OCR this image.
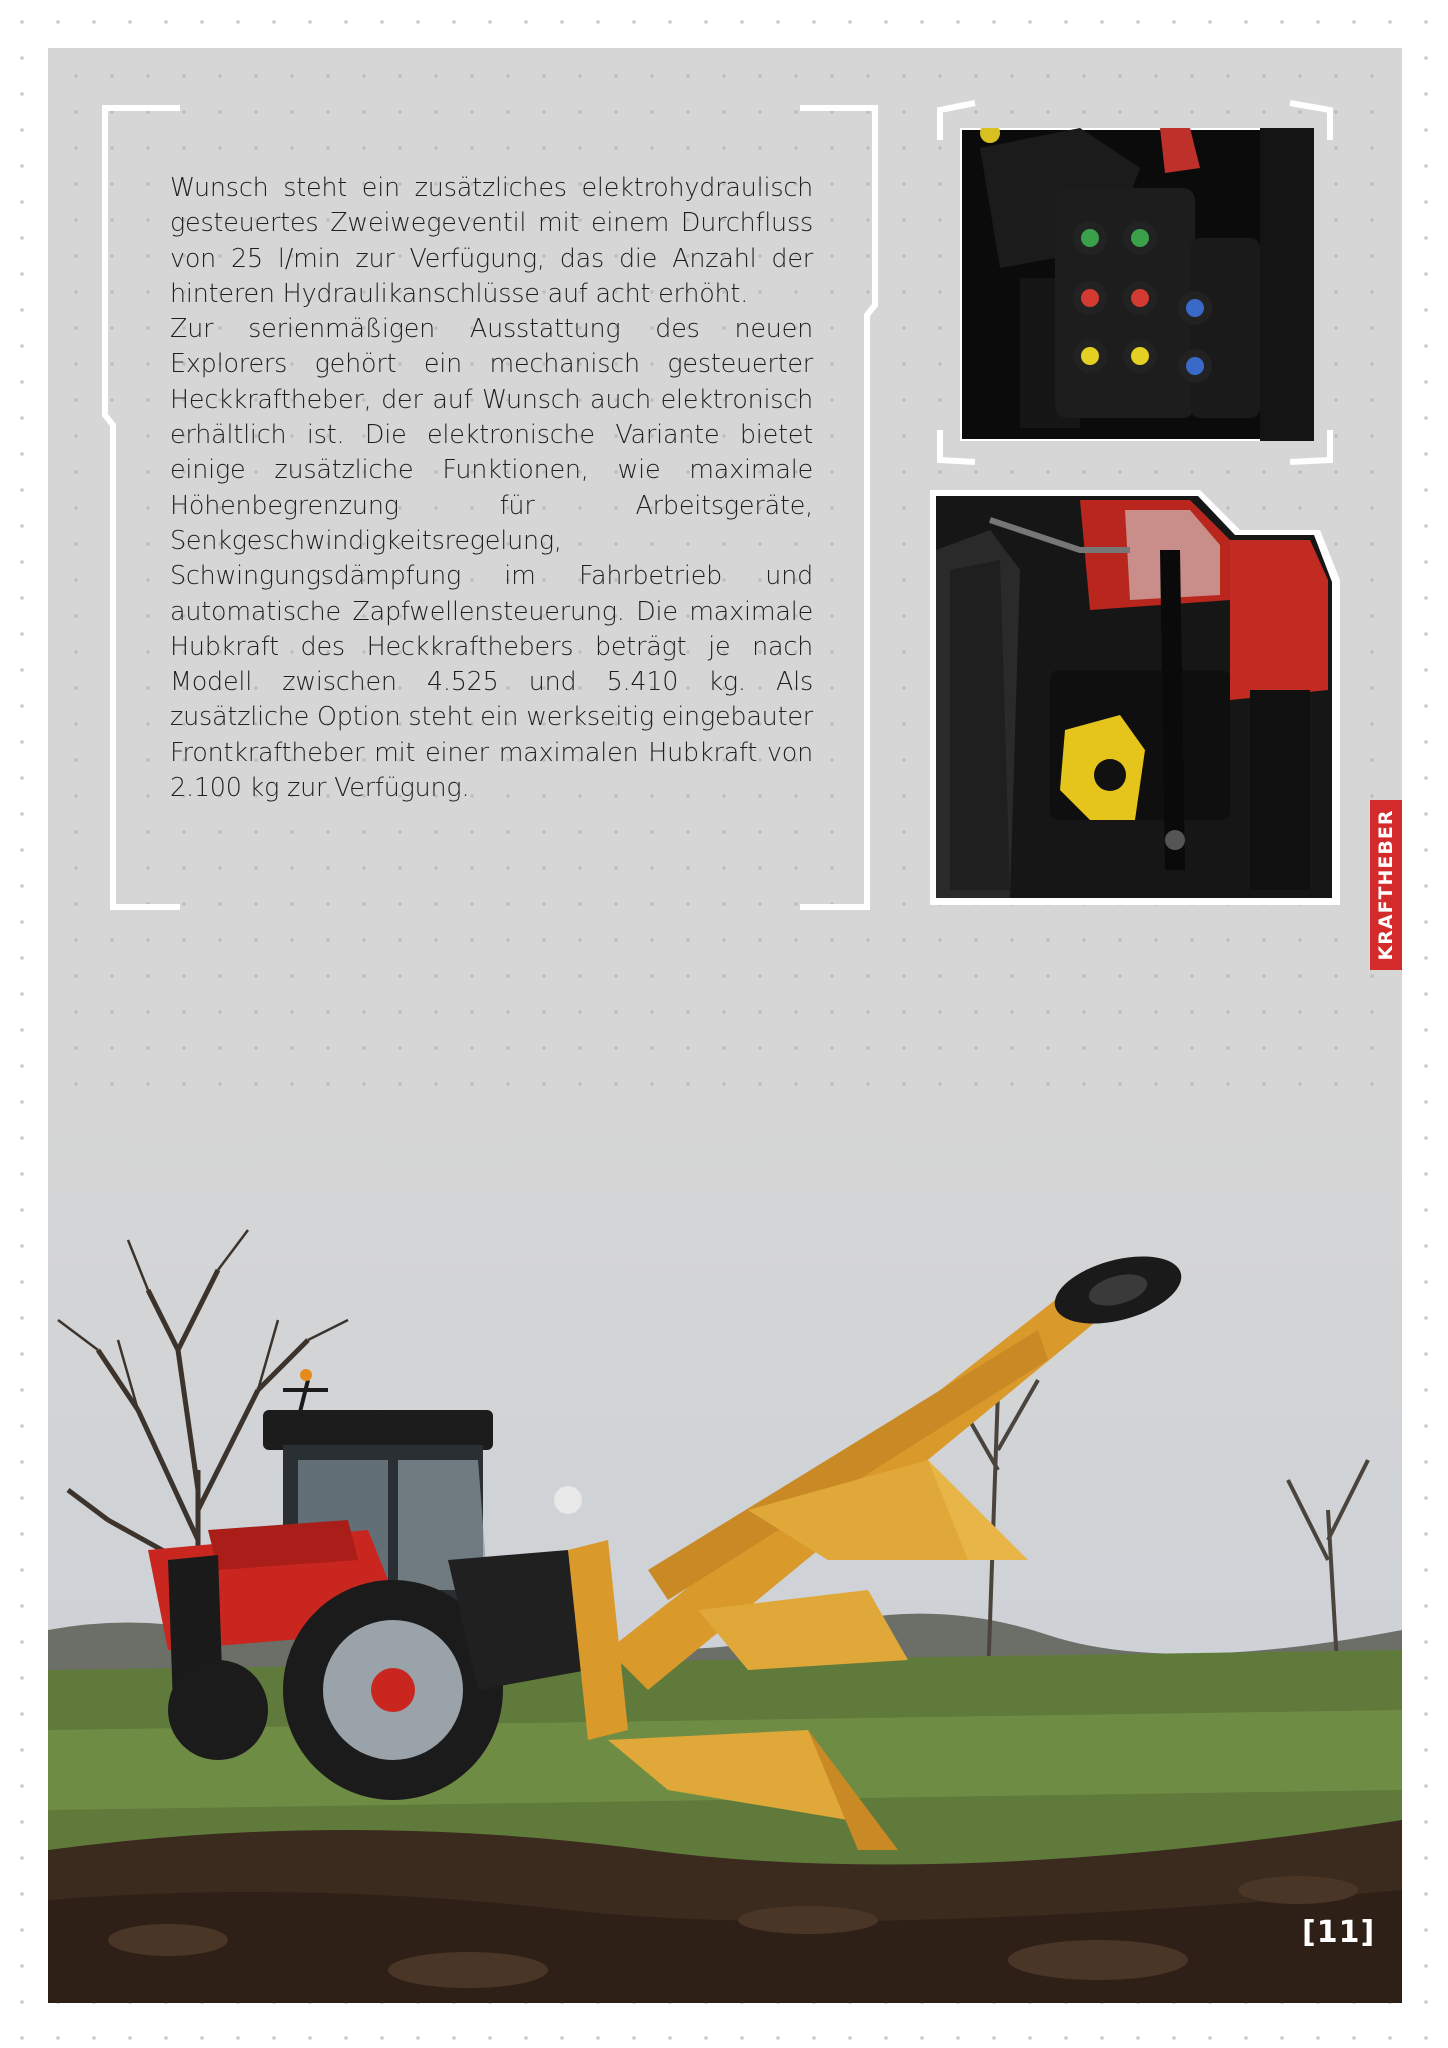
Wunsch steht ein zusätzliches elektrohydraulisch gesteuertes Zweiwegeventil mit einem Durchfluss von 25 l/min zur Verfügung, das die Anzahl der hinteren Hydraulikanschlüsse auf acht erhöht.

Zur serienmäßigen Ausstattung des neuen Explorers gehört ein mechanisch gesteuerter Heckkraftheber, der auf Wunsch auch elektronisch erhältlich ist. Die elektronische Variante bietet einige zusätzliche Funktionen, wie maximale Höhenbegrenzung für Arbeitsgeräte, Senkgeschwindigkeitsregelung, Schwingungsdämpfung im Fahrbetrieb und automatische Zapfwellensteuerung. Die maximale Hubkraft des Heckkrafthebers beträgt je nach Modell zwischen 4.525 und 5.410 kg. Als zusätzliche Option steht ein werkseitig eingebauter Frontkraftheber mit einer maximalen Hubkraft von 2.100 kg zur Verfügung.

KRAFTHEBER
[11]
